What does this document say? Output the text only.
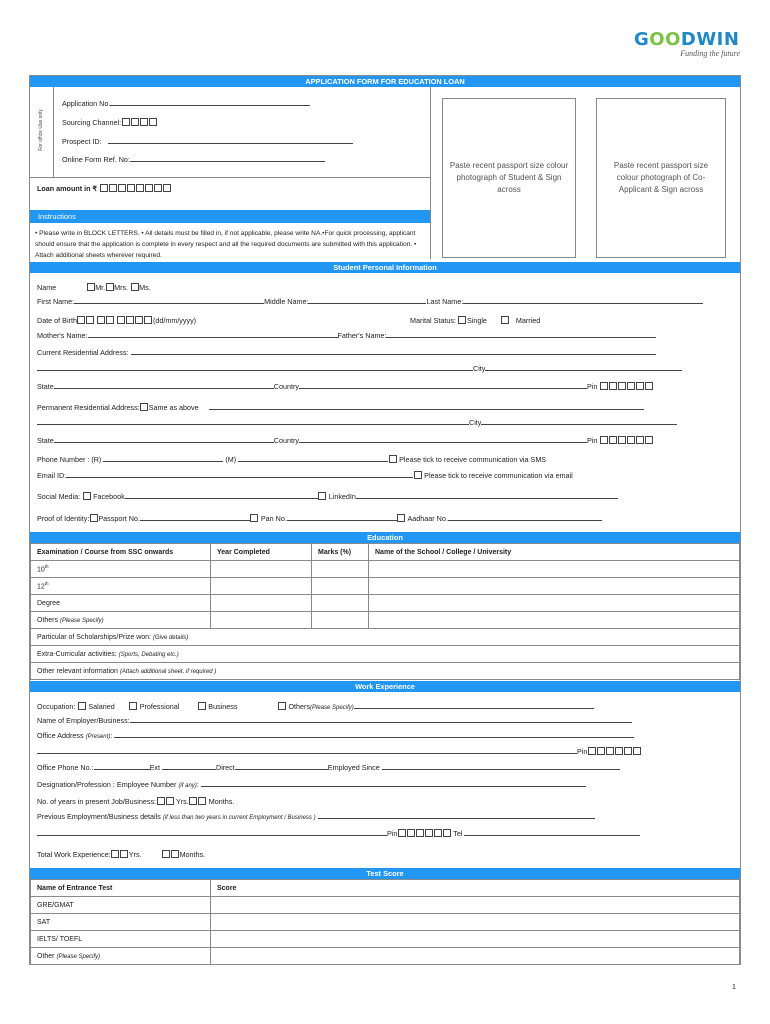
GOODWIN
Funding the future
APPLICATION FORM FOR EDUCATION LOAN
For office Use only
Application No.
Sourcing Channel:
Prospect ID:
Online Form Ref. No:
Loan amount in ₹
Paste recent passport size colour photograph of Student & Sign across
Paste recent passport size colour photograph of Co-Applicant & Sign across
Instructions
• Please write in BLOCK LETTERS. • All details must be filled in, if not applicable, please write NA.•For quick processing, applicant should ensure that the application is complete in every respect and all the required documents are submitted with this application. • Attach additional sheets wherever required.
Student Personal Information
Name	Mr. Mrs. Ms.
First Name:	Middle Name:	Last Name:
Date of Birth	(dd/mm/yyyy)	Marital Status: Single	Married
Mother's Name:	Father's Name:
Current Residential Address:
City
State	Country	Pin
Permanent Residential Address: Same as above
City
State	Country	Pin
Phone Number : (R)	(M)	Please tick to receive communication via SMS
Email ID:	Please tick to receive communication via email
Social Media: Facebook	LinkedIn
Proof of Identity: Passport No.	Pan No.	Aadhaar No.
Education
Examination / Course from SSC onwards	Year Completed	Marks (%)	Name of the School / College / University
10th			
12th			
Degree			
Others (Please Specify)			
Particular of Scholarships/Prize won: (Give details)			
Extra-Curricular activities: (Sports, Debating etc.)			
Other relevant information (Attach additional sheet, if required )			
Work Experience
Occupation: Salaried	Professional	Business	Others(Please Specify)
Name of Employer/Business:
Office Address (Present):
Pin
Office Phone No.:	Ext	Direct	Employed Since
Designation/Profession : Employee Number (if any):
No. of years in present Job/Business:	Yrs.	Months.
Previous Employment/Business details (if less than two years in current Employment / Business )
Pin	Tel
Total Work Experience:	Yrs.	Months.
Test Score
Name of Entrance Test	Score
GRE/GMAT	
SAT	
IELTS/ TOEFL	
Other (Please Specify)	
1
